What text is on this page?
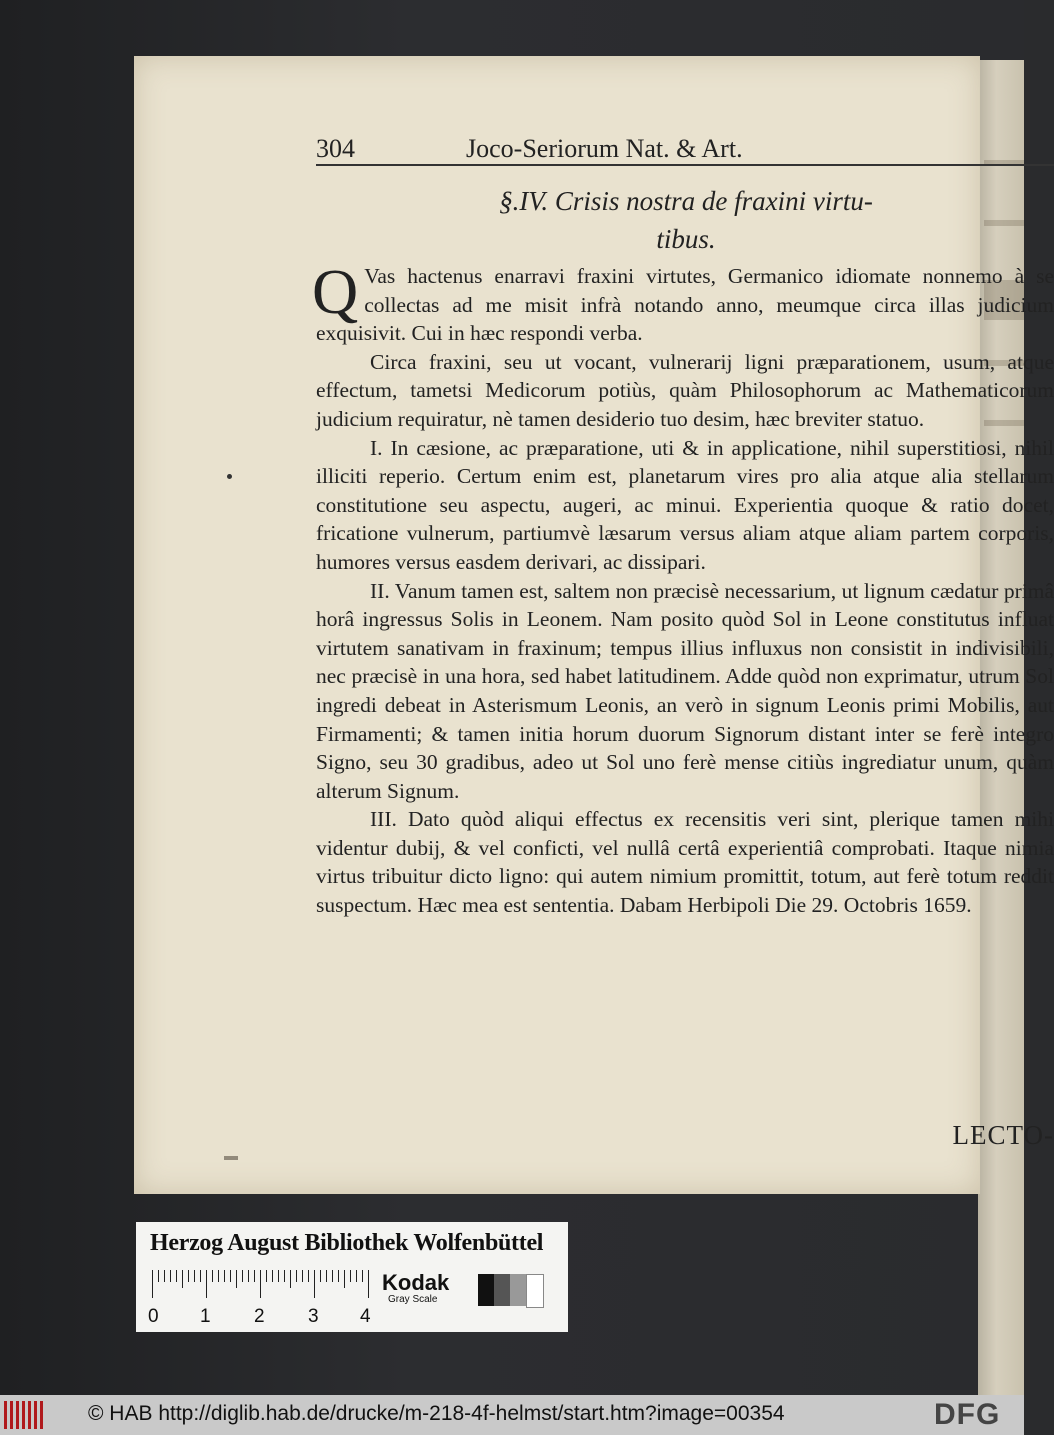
304	Joco-Seriorum Nat. & Art.
§.IV. Crisis nostra de fraxini virtu-
tibus.

Q Vas hactenus enarravi fraxini virtutes, Germanico idiomate nonnemo à se collectas ad me misit infrà notando anno, meumque circa illas judicium exquisivit. Cui in hæc respondi verba.

Circa fraxini, seu ut vocant, vulnerarij ligni præparationem, usum, atque effectum, tametsi Medicorum potiùs, quàm Philosophorum ac Mathematicorum judicium requiratur, nè tamen desiderio tuo desim, hæc breviter statuo.

I. In cæsione, ac præparatione, uti & in applicatione, nihil superstitiosi, nihil illiciti reperio. Certum enim est, planetarum vires pro alia atque alia stellarum constitutione seu aspectu, augeri, ac minui. Experientia quoque & ratio docet, fricatione vulnerum, partiumvè læsarum versus aliam atque aliam partem corporis, humores versus easdem derivari, ac dissipari.

II. Vanum tamen est, saltem non præcisè necessarium, ut lignum cædatur primâ horâ ingressus Solis in Leonem. Nam posito quòd Sol in Leone constitutus influat virtutem sanativam in fraxinum; tempus illius influxus non consistit in indivisibili, nec præcisè in una hora, sed habet latitudinem. Adde quòd non exprimatur, utrum Sol ingredi debeat in Asterismum Leonis, an verò in signum Leonis primi Mobilis, aut Firmamenti; & tamen initia horum duorum Signorum distant inter se ferè integro Signo, seu 30 gradibus, adeo ut Sol uno ferè mense citiùs ingrediatur unum, quàm alterum Signum.

III. Dato quòd aliqui effectus ex recensitis veri sint, plerique tamen mihi videntur dubij, & vel conficti, vel nullâ certâ experientiâ comprobati. Itaque nimia virtus tribuitur dicto ligno: qui autem nimium promittit, totum, aut ferè totum reddit suspectum. Hæc mea est sententia. Dabam Herbipoli Die 29. Octobris 1659.

LECTO-
Herzog August Bibliothek Wolfenbüttel
0 1 2 3 4
Kodak
Gray Scale
© HAB http://diglib.hab.de/drucke/m-218-4f-helmst/start.htm?image=00354	DFG
